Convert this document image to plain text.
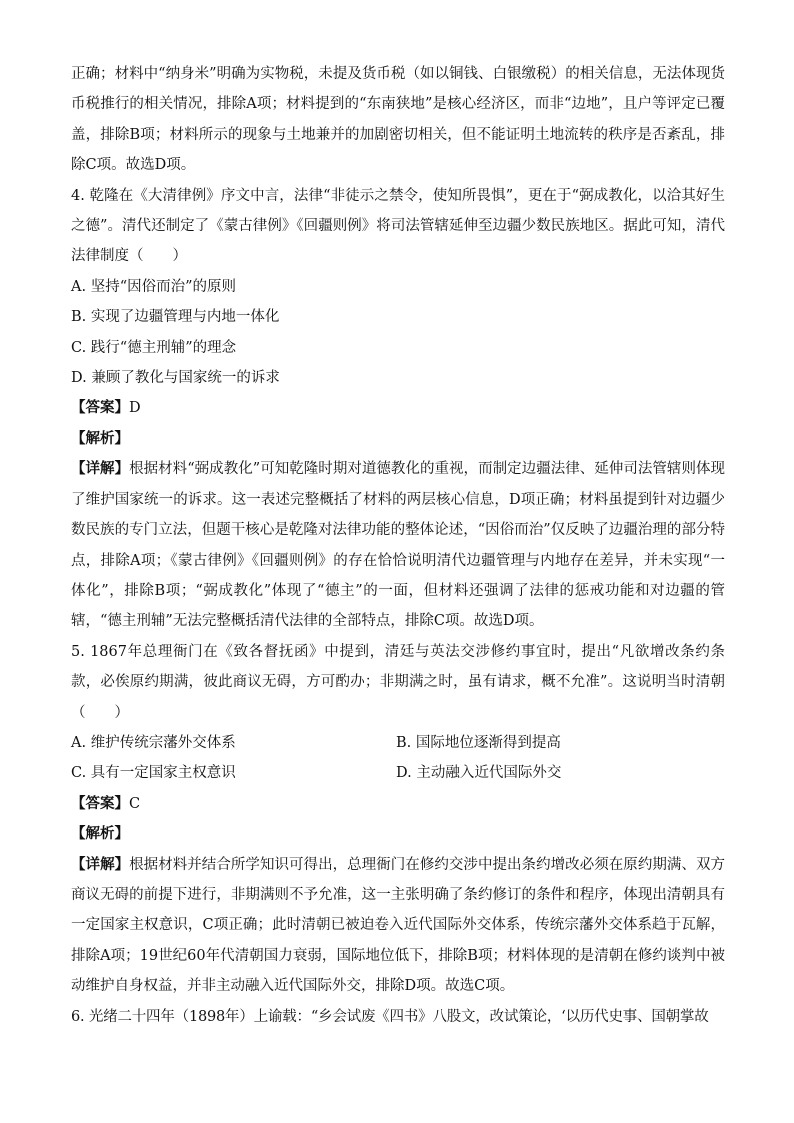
正确；材料中“纳身米”明确为实物税，未提及货币税（如以铜钱、白银缴税）的相关信息，无法体现货币税推行的相关情况，排除A项；材料提到的“东南狭地”是核心经济区，而非“边地”，且户等评定已覆盖，排除B项；材料所示的现象与土地兼并的加剧密切相关，但不能证明土地流转的秩序是否紊乱，排除C项。故选D项。

4. 乾隆在《大清律例》序文中言，法律“非徒示之禁令，使知所畏惧”，更在于“弼成教化，以洽其好生之德”。清代还制定了《蒙古律例》《回疆则例》将司法管辖延伸至边疆少数民族地区。据此可知，清代法律制度（　　）

A. 坚持“因俗而治”的原则

B. 实现了边疆管理与内地一体化

C. 践行“德主刑辅”的理念

D. 兼顾了教化与国家统一的诉求

【答案】D

【解析】

【详解】根据材料“弼成教化”可知乾隆时期对道德教化的重视，而制定边疆法律、延伸司法管辖则体现了维护国家统一的诉求。这一表述完整概括了材料的两层核心信息，D项正确；材料虽提到针对边疆少数民族的专门立法，但题干核心是乾隆对法律功能的整体论述，“因俗而治”仅反映了边疆治理的部分特点，排除A项；《蒙古律例》《回疆则例》的存在恰恰说明清代边疆管理与内地存在差异，并未实现“一体化”，排除B项；“弼成教化”体现了“德主”的一面，但材料还强调了法律的惩戒功能和对边疆的管辖，“德主刑辅”无法完整概括清代法律的全部特点，排除C项。故选D项。

5. 1867年总理衙门在《致各督抚函》中提到，清廷与英法交涉修约事宜时，提出“凡欲增改条约条款，必俟原约期满，彼此商议无碍，方可酌办；非期满之时，虽有请求，概不允准”。这说明当时清朝（　　）

A. 维护传统宗藩外交体系	B. 国际地位逐渐得到提高
C. 具有一定国家主权意识	D. 主动融入近代国际外交

【答案】C

【解析】

【详解】根据材料并结合所学知识可得出，总理衙门在修约交涉中提出条约增改必须在原约期满、双方商议无碍的前提下进行，非期满则不予允准，这一主张明确了条约修订的条件和程序，体现出清朝具有一定国家主权意识，C项正确；此时清朝已被迫卷入近代国际外交体系，传统宗藩外交体系趋于瓦解，排除A项；19世纪60年代清朝国力衰弱，国际地位低下，排除B项；材料体现的是清朝在修约谈判中被动维护自身权益，并非主动融入近代国际外交，排除D项。故选C项。

6. 光绪二十四年（1898年）上谕载：“乡会试废《四书》八股文，改试策论，‘以历代史事、国朝掌故
